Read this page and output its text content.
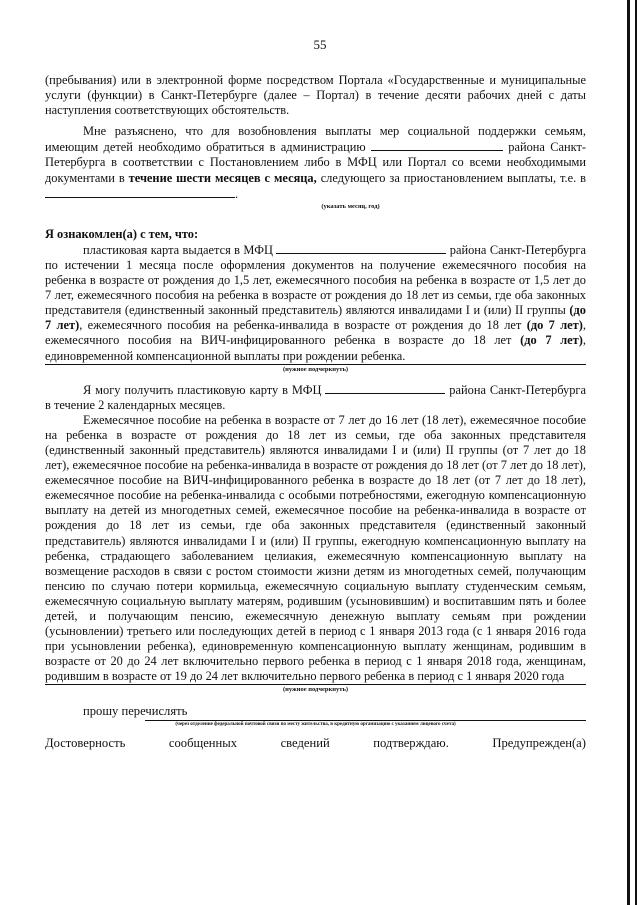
55

(пребывания) или в электронной форме посредством Портала «Государственные и муниципальные услуги (функции) в Санкт-Петербурге (далее – Портал) в течение десяти рабочих дней с даты наступления соответствующих обстоятельств.

Мне разъяснено, что для возобновления выплаты мер социальной поддержки семьям, имеющим детей необходимо обратиться в администрацию	района Санкт-Петербурга в соответствии с Постановлением либо в МФЦ или Портал со всеми необходимыми документами в течение шести месяцев с месяца, следующего за приостановлением выплаты, т.е. в .

(указать месяц, год)
Я ознакомлен(а) с тем, что:

пластиковая карта выдается в МФЦ	района Санкт-Петербурга по истечении 1 месяца после оформления документов на получение ежемесячного пособия на ребенка в возрасте от рождения до 1,5 лет, ежемесячного пособия на ребенка в возрасте от 1,5 лет до 7 лет, ежемесячного пособия на ребенка в возрасте от рождения до 18 лет из семьи, где оба законных представителя (единственный законный представитель) являются инвалидами I и (или) II группы (до 7 лет), ежемесячного пособия на ребенка-инвалида в возрасте от рождения до 18 лет (до 7 лет), ежемесячного пособия на ВИЧ-инфицированного ребенка в возрасте до 18 лет (до 7 лет), единовременной компенсационной выплаты при рождении ребенка.

(нужное подчеркнуть)

Я могу получить пластиковую карту в МФЦ	района Санкт-Петербурга в течение 2 календарных месяцев.

Ежемесячное пособие на ребенка в возрасте от 7 лет до 16 лет (18 лет), ежемесячное пособие на ребенка в возрасте от рождения до 18 лет из семьи, где оба законных представителя (единственный законный представитель) являются инвалидами I и (или) II группы (от 7 лет до 18 лет), ежемесячное пособие на ребенка-инвалида в возрасте от рождения до 18 лет (от 7 лет до 18 лет), ежемесячное пособие на ВИЧ-инфицированного ребенка в возрасте до 18 лет (от 7 лет до 18 лет), ежемесячное пособие на ребенка-инвалида с особыми потребностями, ежегодную компенсационную выплату на детей из многодетных семей, ежемесячное пособие на ребенка-инвалида в возрасте от рождения до 18 лет из семьи, где оба законных представителя (единственный законный представитель) являются инвалидами I и (или) II группы, ежегодную компенсационную выплату на ребенка, страдающего заболеванием целиакия, ежемесячную компенсационную выплату на возмещение расходов в связи с ростом стоимости жизни детям из многодетных семей, получающим пенсию по случаю потери кормильца, ежемесячную социальную выплату студенческим семьям, ежемесячную социальную выплату матерям, родившим (усыновившим) и воспитавшим пять и более детей, и получающим пенсию, ежемесячную денежную выплату семьям при рождении (усыновлении) третьего или последующих детей в период с 1 января 2013 года (с 1 января 2016 года при усыновлении ребенка), единовременную компенсационную выплату женщинам, родившим в возрасте от 20 до 24 лет включительно первого ребенка в период с 1 января 2018 года, женщинам, родившим в возрасте от 19 до 24 лет включительно первого ребенка в период с 1 января 2020 года

(нужное подчеркнуть)
прошу перечислять
(через отделение федеральной почтовой связи по месту жительства, в кредитную организацию с указанием лицевого счета)
Достоверность	сообщенных	сведений	подтверждаю.	Предупрежден(а)
